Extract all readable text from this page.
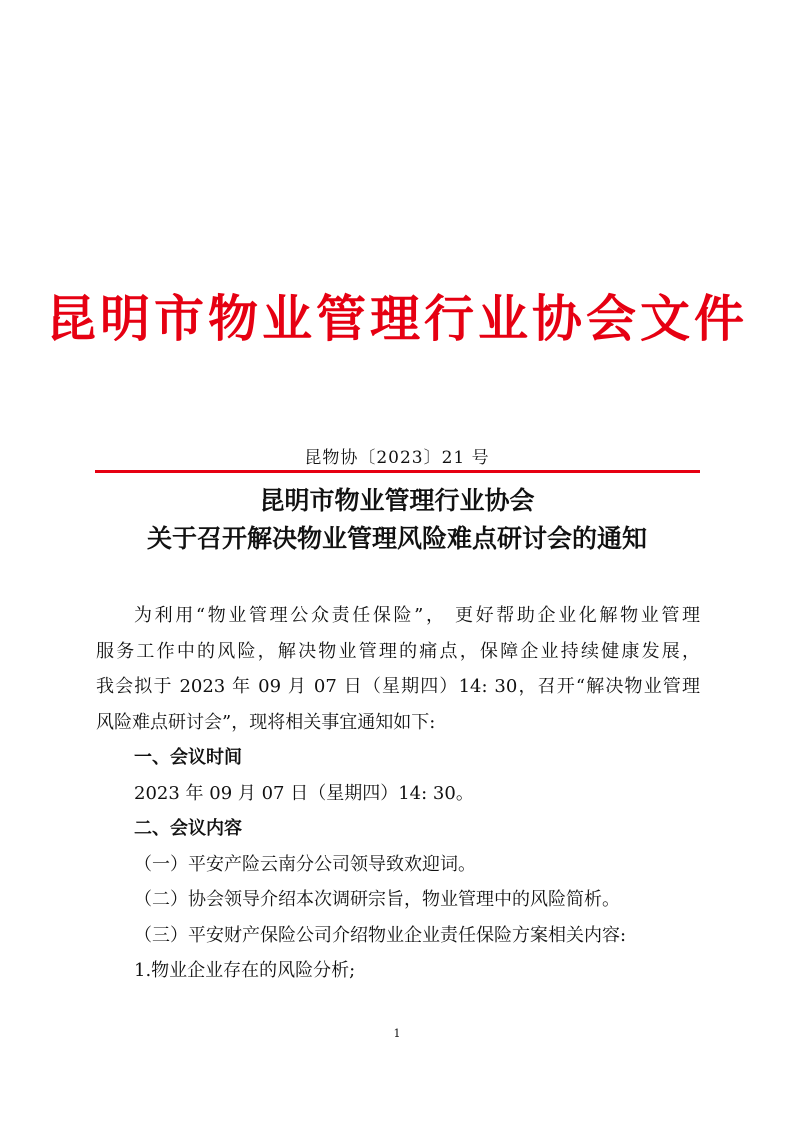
昆明市物业管理行业协会文件
昆物协〔2023〕21 号
昆明市物业管理行业协会
关于召开解决物业管理风险难点研讨会的通知

为利用“物业管理公众责任保险”， 更好帮助企业化解物业管理

服务工作中的风险，解决物业管理的痛点，保障企业持续健康发展，

我会拟于 2023 年 09 月 07 日（星期四）14: 30，召开“解决物业管理

风险难点研讨会”，现将相关事宜通知如下:

一、会议时间

2023 年 09 月 07 日（星期四）14: 30。

二、会议内容

（一）平安产险云南分公司领导致欢迎词。

（二）协会领导介绍本次调研宗旨，物业管理中的风险简析。

（三）平安财产保险公司介绍物业企业责任保险方案相关内容:

1.物业企业存在的风险分析;

1
